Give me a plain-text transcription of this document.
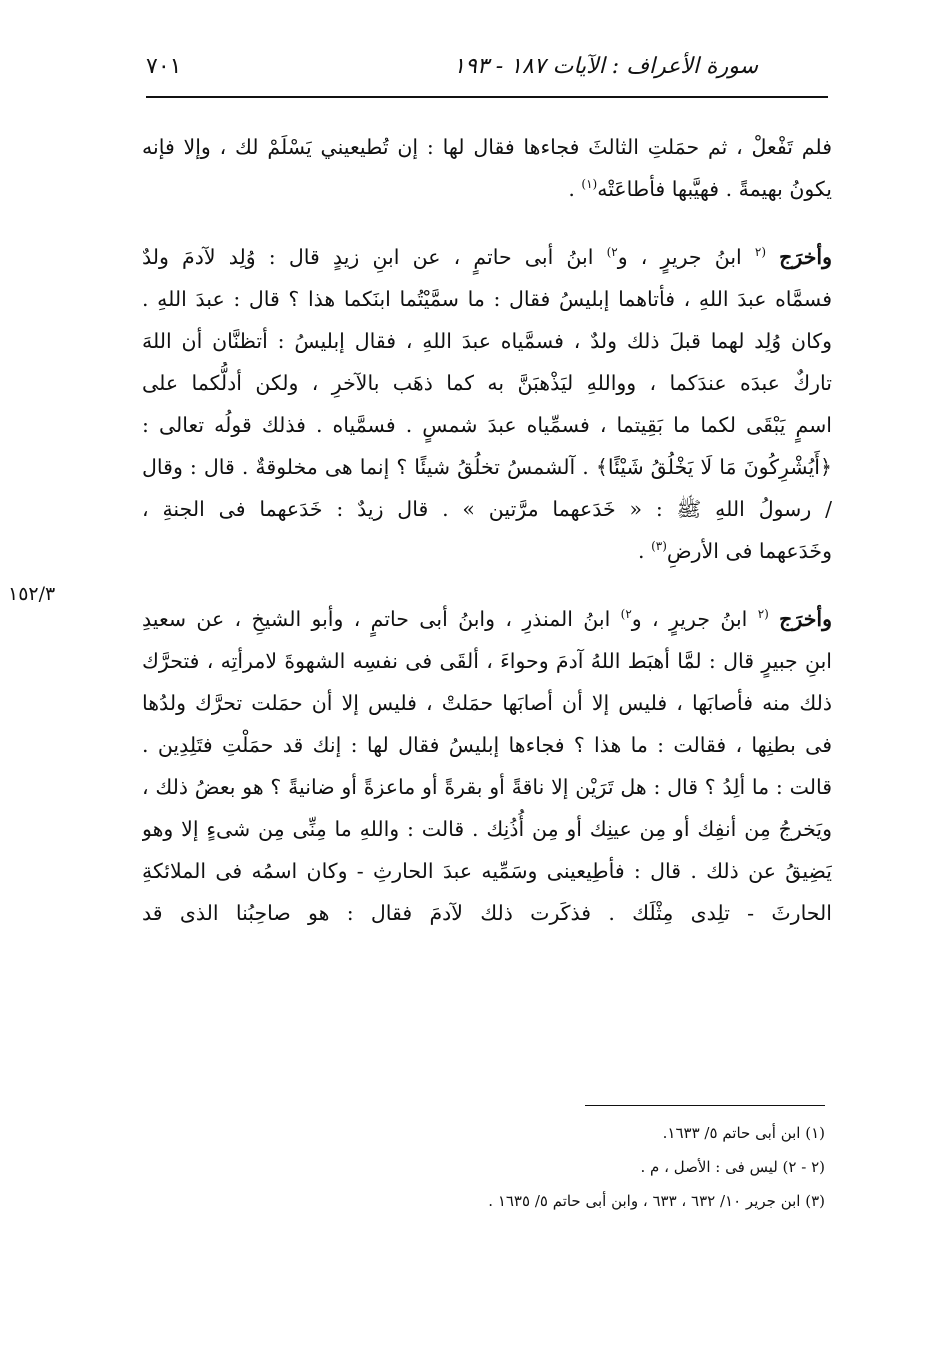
سورة الأعراف : الآيات ١٨٧ - ١٩٣
٧٠١
فلم تَفْعلْ ، ثم حمَلتِ الثالثَ فجاءها فقال لها : إن تُطيعيني يَسْلَمْ لك ، وإلا فإنه
يكونُ بهيمةً . فهيَّبها فأطاعَتْه$^{(١)}$ .
وأخرَج $^{(٢}$ ابنُ جريرٍ ، و$^{٢)}$ ابنُ أبى حاتمٍ ، عن ابنِ زيدٍ قال : وُلِد لآدمَ ولدٌ
فسمَّاه عبدَ اللهِ ، فأتاهما إبليسُ فقال : ما سمَّيْتُما ابنَكما هذا ؟ قال : عبدَ اللهِ .
وكان وُلِد لهما قبلَ ذلك ولدٌ ، فسمَّياه عبدَ اللهِ ، فقال إبليسُ : أتظنَّان أن اللهَ
تاركٌ عبدَه عندَكما ، وواللهِ ليَذْهبَنَّ به كما ذهَب بالآخرِ ، ولكن أدلُّكما على
اسمٍ يَبْقَى لكما ما بَقِيتما ، فسمِّياه عبدَ شمسٍ . فسمَّياه . فذلك قولُه تعالى :
﴿أَيُشْرِكُونَ مَا لَا يَخْلُقُ شَيْئًا﴾ . آلشمسُ تخلُقُ شيئًا ؟ إنما هى مخلوقةٌ . قال : وقال
/ رسولُ اللهِ ﷺ : « خَدَعهما مرَّتين » . قال زيدٌ : خَدَعهما فى الجنةِ ،
وخَدَعهما فى الأرضِ$^{(٣)}$ .
وأخرَج $^{(٢}$ ابنُ جريرٍ ، و$^{٢)}$ ابنُ المنذرِ ، وابنُ أبى حاتمٍ ، وأبو الشيخِ ، عن سعيدِ
ابنِ جبيرٍ قال : لمَّا أهبَط اللهُ آدمَ وحواءَ ، ألقَى فى نفسِه الشهوةَ لامرأتِه ، فتحرَّك
ذلك منه فأصابَها ، فليس إلا أن أصابَها حمَلتْ ، فليس إلا أن حمَلت تحرَّك ولدُها
فى بطنِها ، فقالت : ما هذا ؟ فجاءها إبليسُ فقال لها : إنك قد حمَلْتِ فتَلِدِين .
قالت : ما ألِدُ ؟ قال : هل تَرَيْن إلا ناقةً أو بقرةً أو ماعزةً أو ضانيةً ؟ هو بعضُ ذلك ،
ويَخرجُ مِن أنفِك أو مِن عينِك أو مِن أُذُنِك . قالت : واللهِ ما مِنِّى مِن شىءٍ إلا وهو
يَضِيقُ عن ذلك . قال : فأطِيعينى وسَمِّيه عبدَ الحارثِ - وكان اسمُه فى الملائكةِ
الحارثَ - تلِدى مِثْلَك . فذكَرت ذلك لآدمَ فقال : هو صاحِبُنا الذى قد
١٥٢/٣
(١) ابن أبى حاتم ٥/ ١٦٣٣.
(٢ - ٢) ليس فى : الأصل ، م .
(٣) ابن جرير ١٠/ ٦٣٢ ، ٦٣٣ ، وابن أبى حاتم ٥/ ١٦٣٥ .
